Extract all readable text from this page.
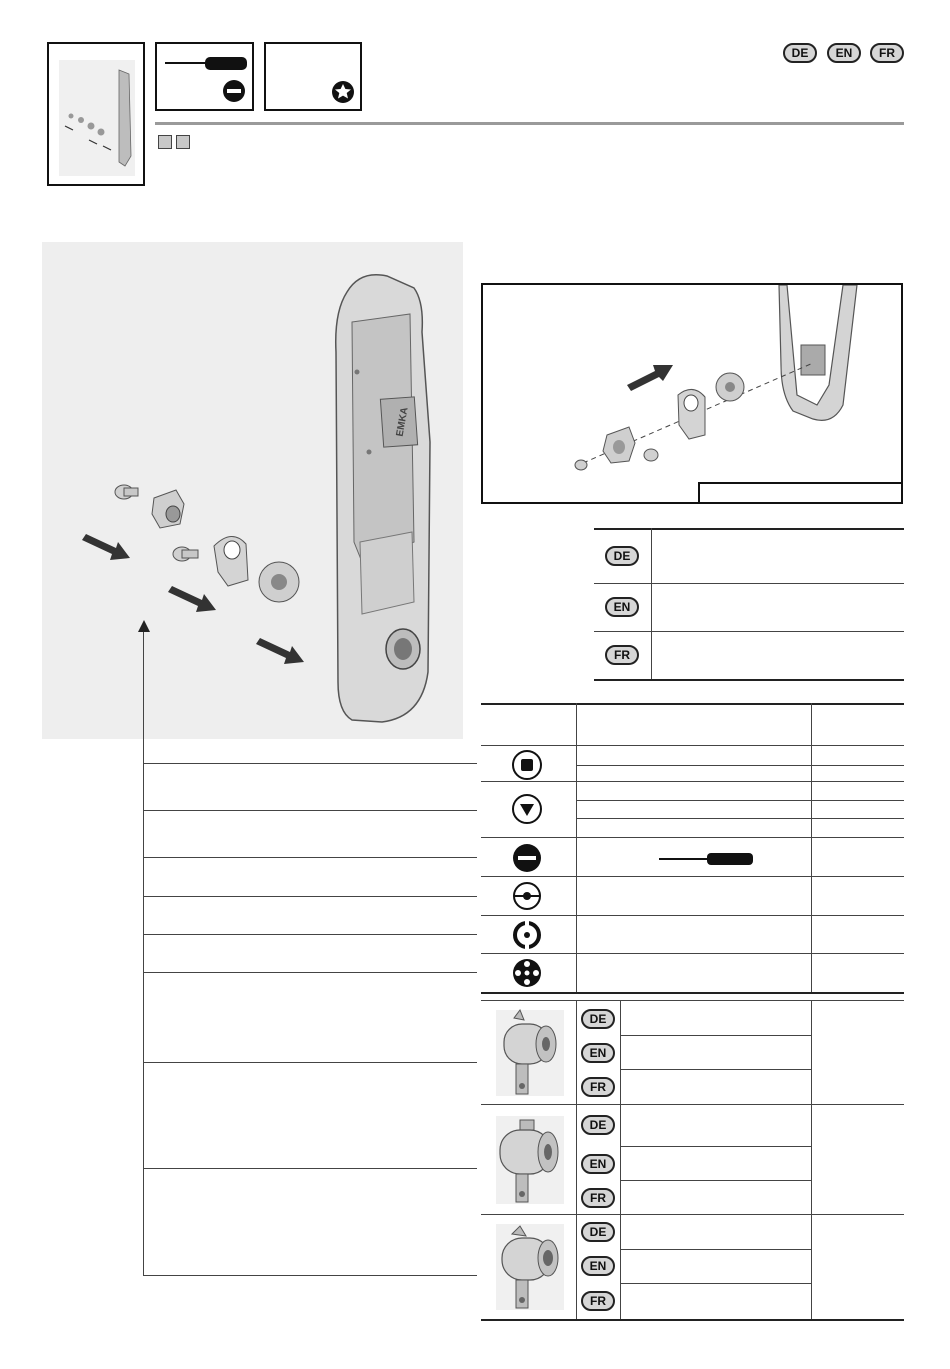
DE	EN	FR
EMKA
DE
EN
FR
DE
EN
FR
DE
EN
FR
DE
EN
FR
